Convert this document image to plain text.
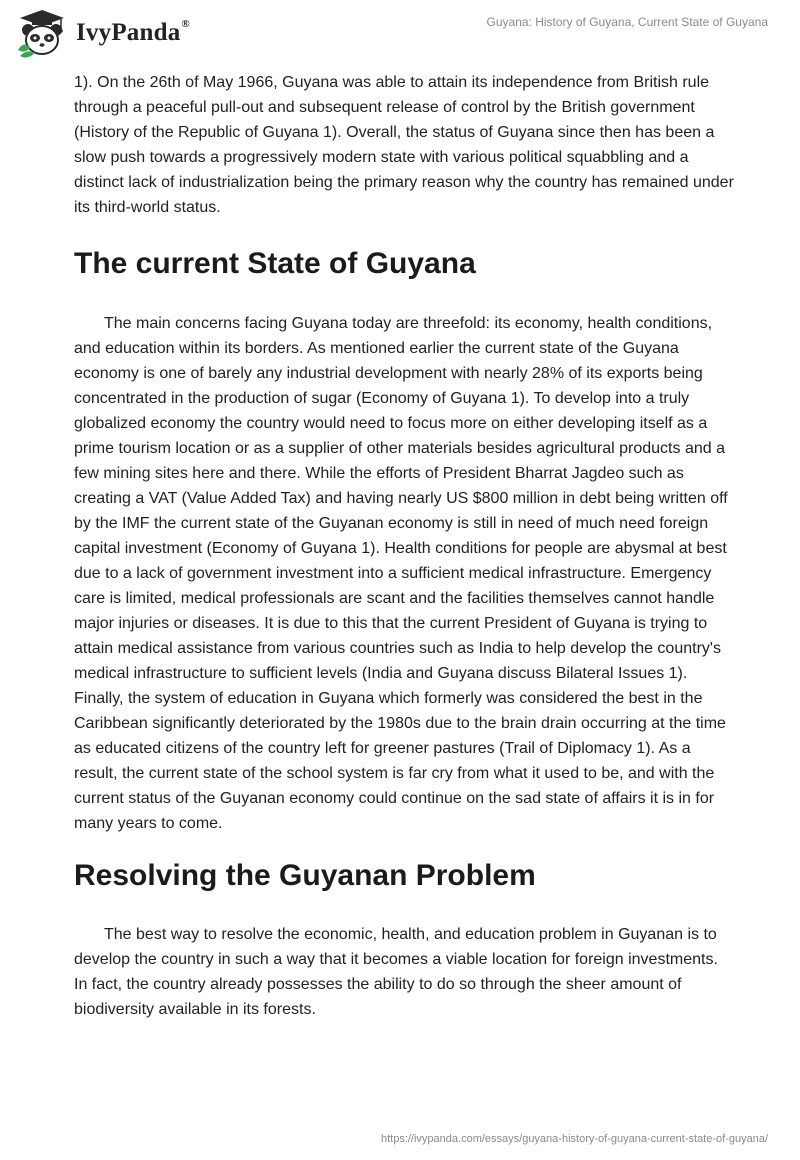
IvyPanda®	Guyana: History of Guyana, Current State of Guyana

1). On the 26th of May 1966, Guyana was able to attain its independence from British rule through a peaceful pull-out and subsequent release of control by the British government (History of the Republic of Guyana 1). Overall, the status of Guyana since then has been a slow push towards a progressively modern state with various political squabbling and a distinct lack of industrialization being the primary reason why the country has remained under its third-world status.

The current State of Guyana

The main concerns facing Guyana today are threefold: its economy, health conditions, and education within its borders. As mentioned earlier the current state of the Guyana economy is one of barely any industrial development with nearly 28% of its exports being concentrated in the production of sugar (Economy of Guyana 1). To develop into a truly globalized economy the country would need to focus more on either developing itself as a prime tourism location or as a supplier of other materials besides agricultural products and a few mining sites here and there. While the efforts of President Bharrat Jagdeo such as creating a VAT (Value Added Tax) and having nearly US $800 million in debt being written off by the IMF the current state of the Guyanan economy is still in need of much need foreign capital investment (Economy of Guyana 1). Health conditions for people are abysmal at best due to a lack of government investment into a sufficient medical infrastructure. Emergency care is limited, medical professionals are scant and the facilities themselves cannot handle major injuries or diseases. It is due to this that the current President of Guyana is trying to attain medical assistance from various countries such as India to help develop the country's medical infrastructure to sufficient levels (India and Guyana discuss Bilateral Issues 1). Finally, the system of education in Guyana which formerly was considered the best in the Caribbean significantly deteriorated by the 1980s due to the brain drain occurring at the time as educated citizens of the country left for greener pastures (Trail of Diplomacy 1). As a result, the current state of the school system is far cry from what it used to be, and with the current status of the Guyanan economy could continue on the sad state of affairs it is in for many years to come.

Resolving the Guyanan Problem

The best way to resolve the economic, health, and education problem in Guyanan is to develop the country in such a way that it becomes a viable location for foreign investments. In fact, the country already possesses the ability to do so through the sheer amount of biodiversity available in its forests.

https://ivypanda.com/essays/guyana-history-of-guyana-current-state-of-guyana/
